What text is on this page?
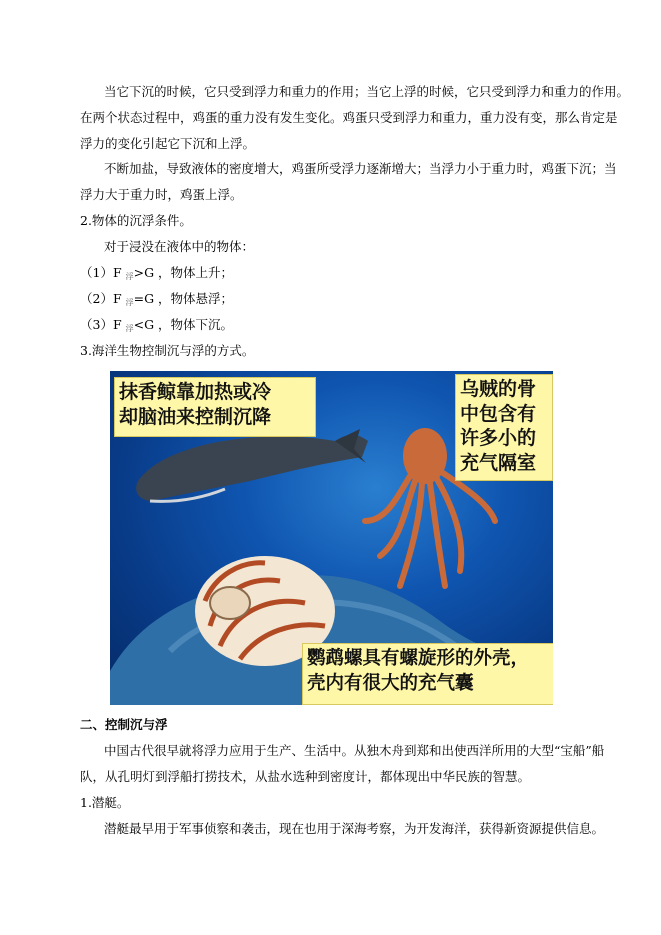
当它下沉的时候，它只受到浮力和重力的作用；当它上浮的时候，它只受到浮力和重力的作用。
在两个状态过程中，鸡蛋的重力没有发生变化。鸡蛋只受到浮力和重力，重力没有变，那么肯定是
浮力的变化引起它下沉和上浮。
不断加盐，导致液体的密度增大，鸡蛋所受浮力逐渐增大；当浮力小于重力时，鸡蛋下沉；当
浮力大于重力时，鸡蛋上浮。
2.物体的沉浮条件。
对于浸没在液体中的物体：
（1）F $_浮$>G ，物体上升；
（2）F $_浮$=G ，物体悬浮；
（3）F $_浮$<G ，物体下沉。
3.海洋生物控制沉与浮的方式。
抹香鲸靠加热或冷
却脑油来控制沉降
乌贼的骨
中包含有
许多小的
充气隔室
鹦鹉螺具有螺旋形的外壳，
壳内有很大的充气囊
二、控制沉与浮
中国古代很早就将浮力应用于生产、生活中。从独木舟到郑和出使西洋所用的大型“宝船”船
队，从孔明灯到浮船打捞技术，从盐水选种到密度计，都体现出中华民族的智慧。
1.潜艇。
潜艇最早用于军事侦察和袭击，现在也用于深海考察，为开发海洋，获得新资源提供信息。
